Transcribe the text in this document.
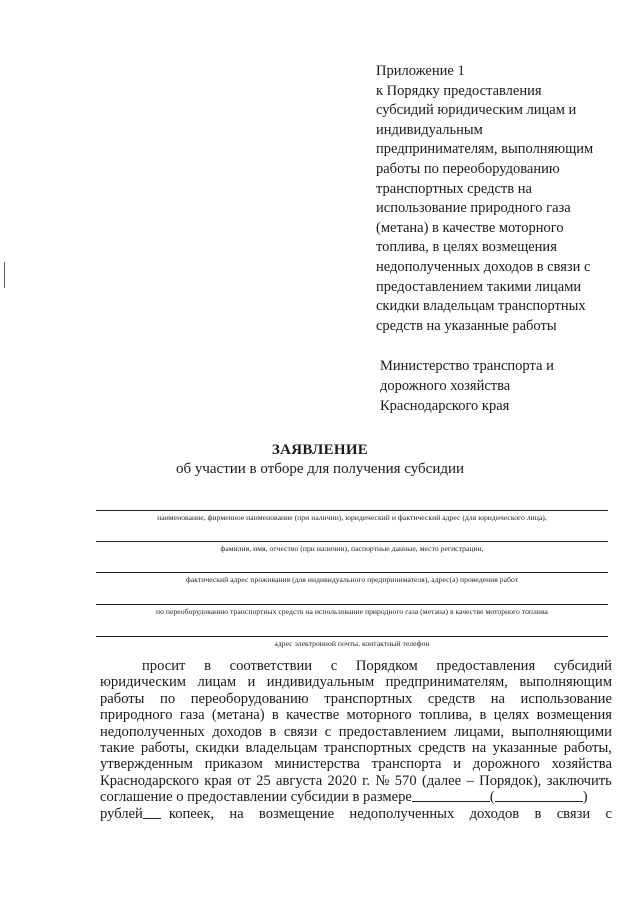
Приложение 1
к Порядку предоставления
субсидий юридическим лицам и
индивидуальным
предпринимателям, выполняющим
работы по переоборудованию
транспортных средств на
использование природного газа
(метана) в качестве моторного
топлива, в целях возмещения
недополученных доходов в связи с
предоставлением такими лицами
скидки владельцам транспортных
средств на указанные работы
Министерство транспорта и
дорожного хозяйства
Краснодарского края
ЗАЯВЛЕНИЕ
об участии в отборе для получения субсидии
наименование, фирменное наименование (при наличии), юридический и фактический адрес (для юридического лица),
фамилия, имя, отчество (при наличии), паспортные данные, место регистрации,
фактический адрес проживания (для индивидуального предпринимателя), адрес(а) проведения работ
по переоборудованию транспортных средств на использование природного газа (метана) в качестве моторного топлива
адрес электронной почты, контактный телефон
просит в соответствии с Порядком предоставления субсидий
юридическим лицам и индивидуальным предпринимателям, выполняющим
работы по переоборудованию транспортных средств на использование
природного газа (метана) в качестве моторного топлива, в целях возмещения
недополученных доходов в связи с предоставлением лицами, выполняющими
такие работы, скидки владельцам транспортных средств на указанные работы,
утвержденным приказом министерства транспорта и дорожного хозяйства
Краснодарского края от 25 августа 2020 г. № 570 (далее – Порядок), заключить
соглашение о предоставлении субсидии в размере	(	)
рублей копеек, на возмещение недополученных доходов в связи с
